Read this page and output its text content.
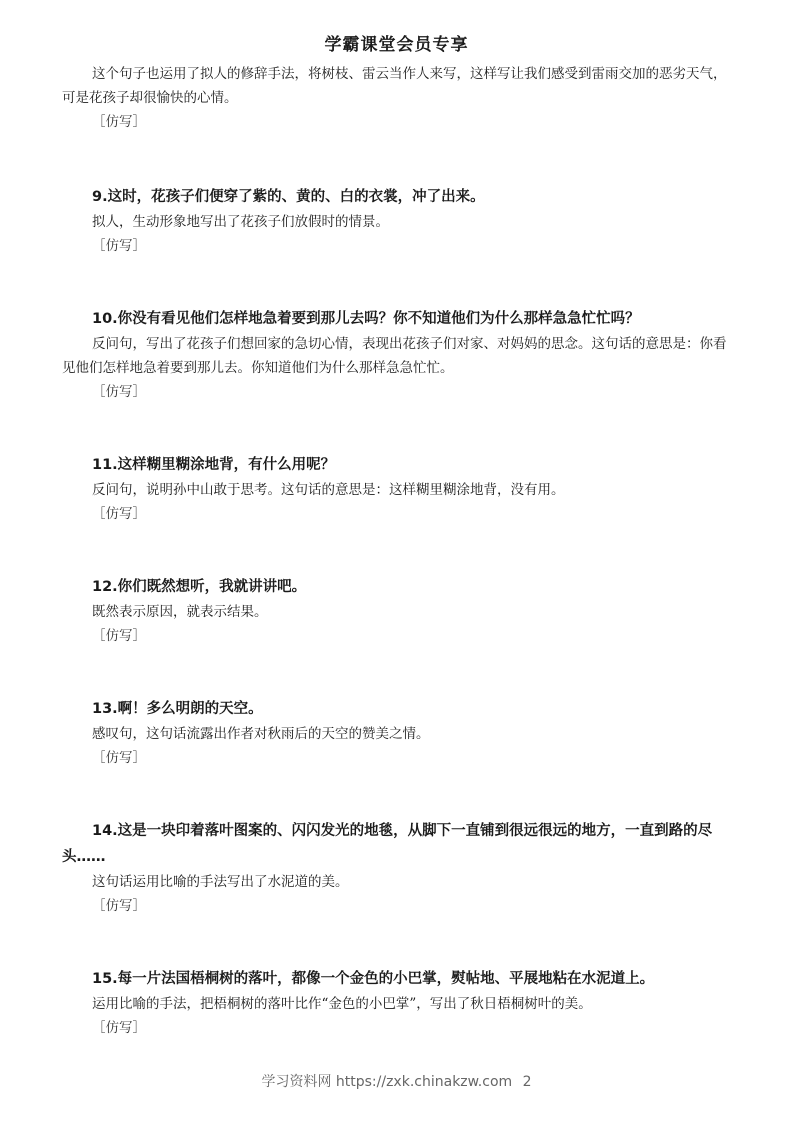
学霸课堂会员专享

这个句子也运用了拟人的修辞手法，将树枝、雷云当作人来写，这样写让我们感受到雷雨交加的恶劣天气，可是花孩子却很愉快的心情。

［仿写］

9.这时，花孩子们便穿了紫的、黄的、白的衣裳，冲了出来。

拟人，生动形象地写出了花孩子们放假时的情景。

［仿写］

10.你没有看见他们怎样地急着要到那儿去吗？你不知道他们为什么那样急急忙忙吗？

反问句，写出了花孩子们想回家的急切心情，表现出花孩子们对家、对妈妈的思念。这句话的意思是：你看见他们怎样地急着要到那儿去。你知道他们为什么那样急急忙忙。

［仿写］

11.这样糊里糊涂地背，有什么用呢？

反问句，说明孙中山敢于思考。这句话的意思是：这样糊里糊涂地背，没有用。

［仿写］

12.你们既然想听，我就讲讲吧。

既然表示原因，就表示结果。

［仿写］

13.啊！多么明朗的天空。

感叹句，这句话流露出作者对秋雨后的天空的赞美之情。

［仿写］

14.这是一块印着落叶图案的、闪闪发光的地毯，从脚下一直铺到很远很远的地方，一直到路的尽头……

这句话运用比喻的手法写出了水泥道的美。

［仿写］

15.每一片法国梧桐树的落叶，都像一个金色的小巴掌，熨帖地、平展地粘在水泥道上。

运用比喻的手法，把梧桐树的落叶比作“金色的小巴掌”，写出了秋日梧桐树叶的美。

［仿写］

学习资料网 https://zxk.chinakzw.com 2
